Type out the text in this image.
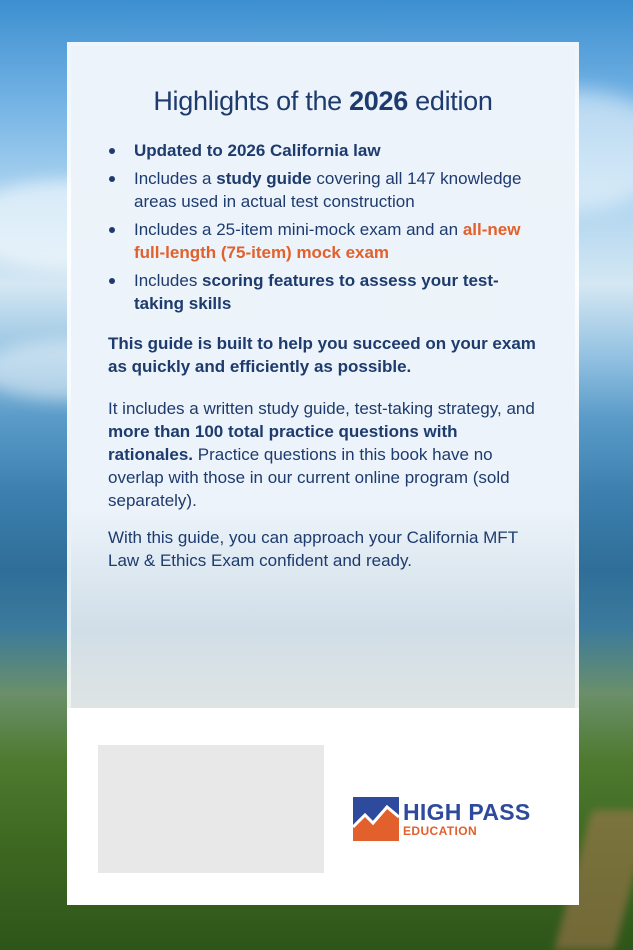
Highlights of the 2026 edition
Updated to 2026 California law
Includes a study guide covering all 147 knowledge areas used in actual test construction
Includes a 25-item mini-mock exam and an all-new full-length (75-item) mock exam
Includes scoring features to assess your test-taking skills

This guide is built to help you succeed on your exam as quickly and efficiently as possible.

It includes a written study guide, test-taking strategy, and more than 100 total practice questions with rationales. Practice questions in this book have no overlap with those in our current online program (sold separately).

With this guide, you can approach your California MFT Law & Ethics Exam confident and ready.

HIGH PASS
EDUCATION
